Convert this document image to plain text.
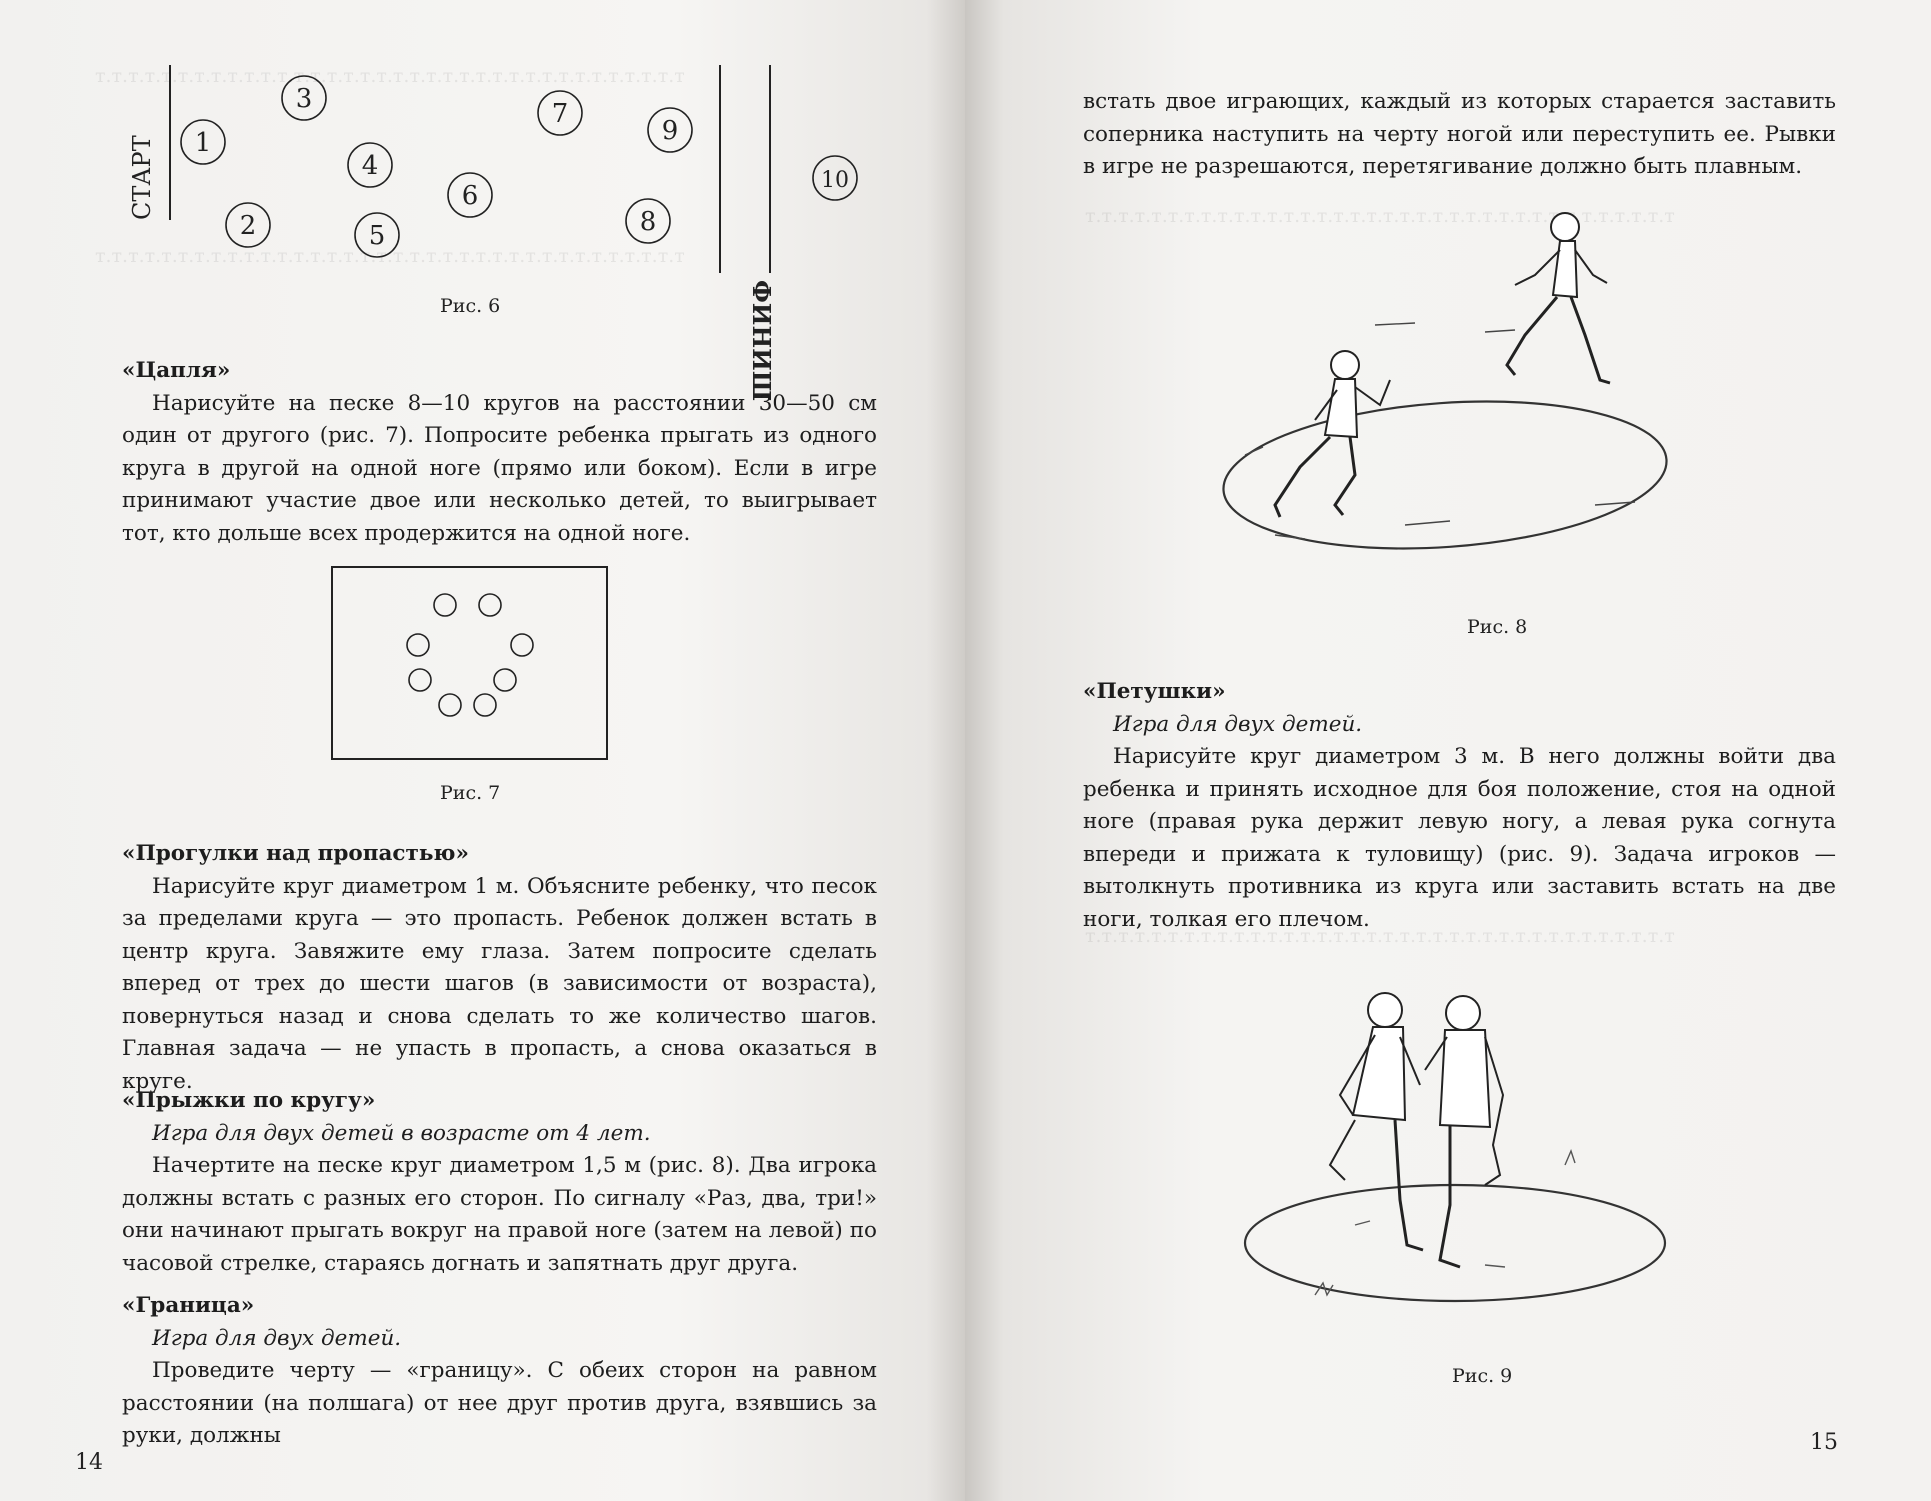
т.т.т.т.т.т.т.т.т.т.т.т.т.т.т.т.т.т.т.т.т.т.т.т.т.т.т.т.т.т.т.т.т.т.т.т
т.т.т.т.т.т.т.т.т.т.т.т.т.т.т.т.т.т.т.т.т.т.т.т.т.т.т.т.т.т.т.т.т.т.т.т
СТАРТ
ФИНИШ
1
2
3
4
5
6
7
8
9
10
Рис. 6

«Цапля»

Нарисуйте на песке 8—10 кругов на расстоянии 30—50 см один от другого (рис. 7). Попросите ребенка прыгать из одного круга в другой на одной ноге (прямо или боком). Если в игре принимают участие двое или несколько детей, то выигрывает тот, кто дольше всех продержится на одной ноге.

Рис. 7

«Прогулки над пропастью»

Нарисуйте круг диаметром 1 м. Объясните ребенку, что песок за пределами круга — это пропасть. Ребенок должен встать в центр круга. Завяжите ему глаза. Затем попросите сделать вперед от трех до шести шагов (в зависимости от возраста), повернуться назад и снова сделать то же количество шагов. Главная задача — не упасть в пропасть, а снова оказаться в круге.

«Прыжки по кругу»

Игра для двух детей в возрасте от 4 лет.

Начертите на песке круг диаметром 1,5 м (рис. 8). Два игрока должны встать с разных его сторон. По сигналу «Раз, два, три!» они начинают прыгать вокруг на правой ноге (затем на левой) по часовой стрелке, стараясь догнать и запятнать друг друга.

«Граница»

Игра для двух детей.

Проведите черту — «границу». С обеих сторон на равном расстоянии (на полшага) от нее друг против друга, взявшись за руки, должны

14
т.т.т.т.т.т.т.т.т.т.т.т.т.т.т.т.т.т.т.т.т.т.т.т.т.т.т.т.т.т.т.т.т.т.т.т
т.т.т.т.т.т.т.т.т.т.т.т.т.т.т.т.т.т.т.т.т.т.т.т.т.т.т.т.т.т.т.т.т.т.т.т

встать двое играющих, каждый из которых старается заставить соперника наступить на черту ногой или переступить ее. Рывки в игре не разрешаются, перетягивание должно быть плавным.

Рис. 8

«Петушки»

Игра для двух детей.

Нарисуйте круг диаметром 3 м. В него должны войти два ребенка и принять исходное для боя положение, стоя на одной ноге (правая рука держит левую ногу, а левая рука согнута впереди и прижата к туловищу) (рис. 9). Задача игроков — вытолкнуть противника из круга или заставить встать на две ноги, толкая его плечом.

Рис. 9
15
